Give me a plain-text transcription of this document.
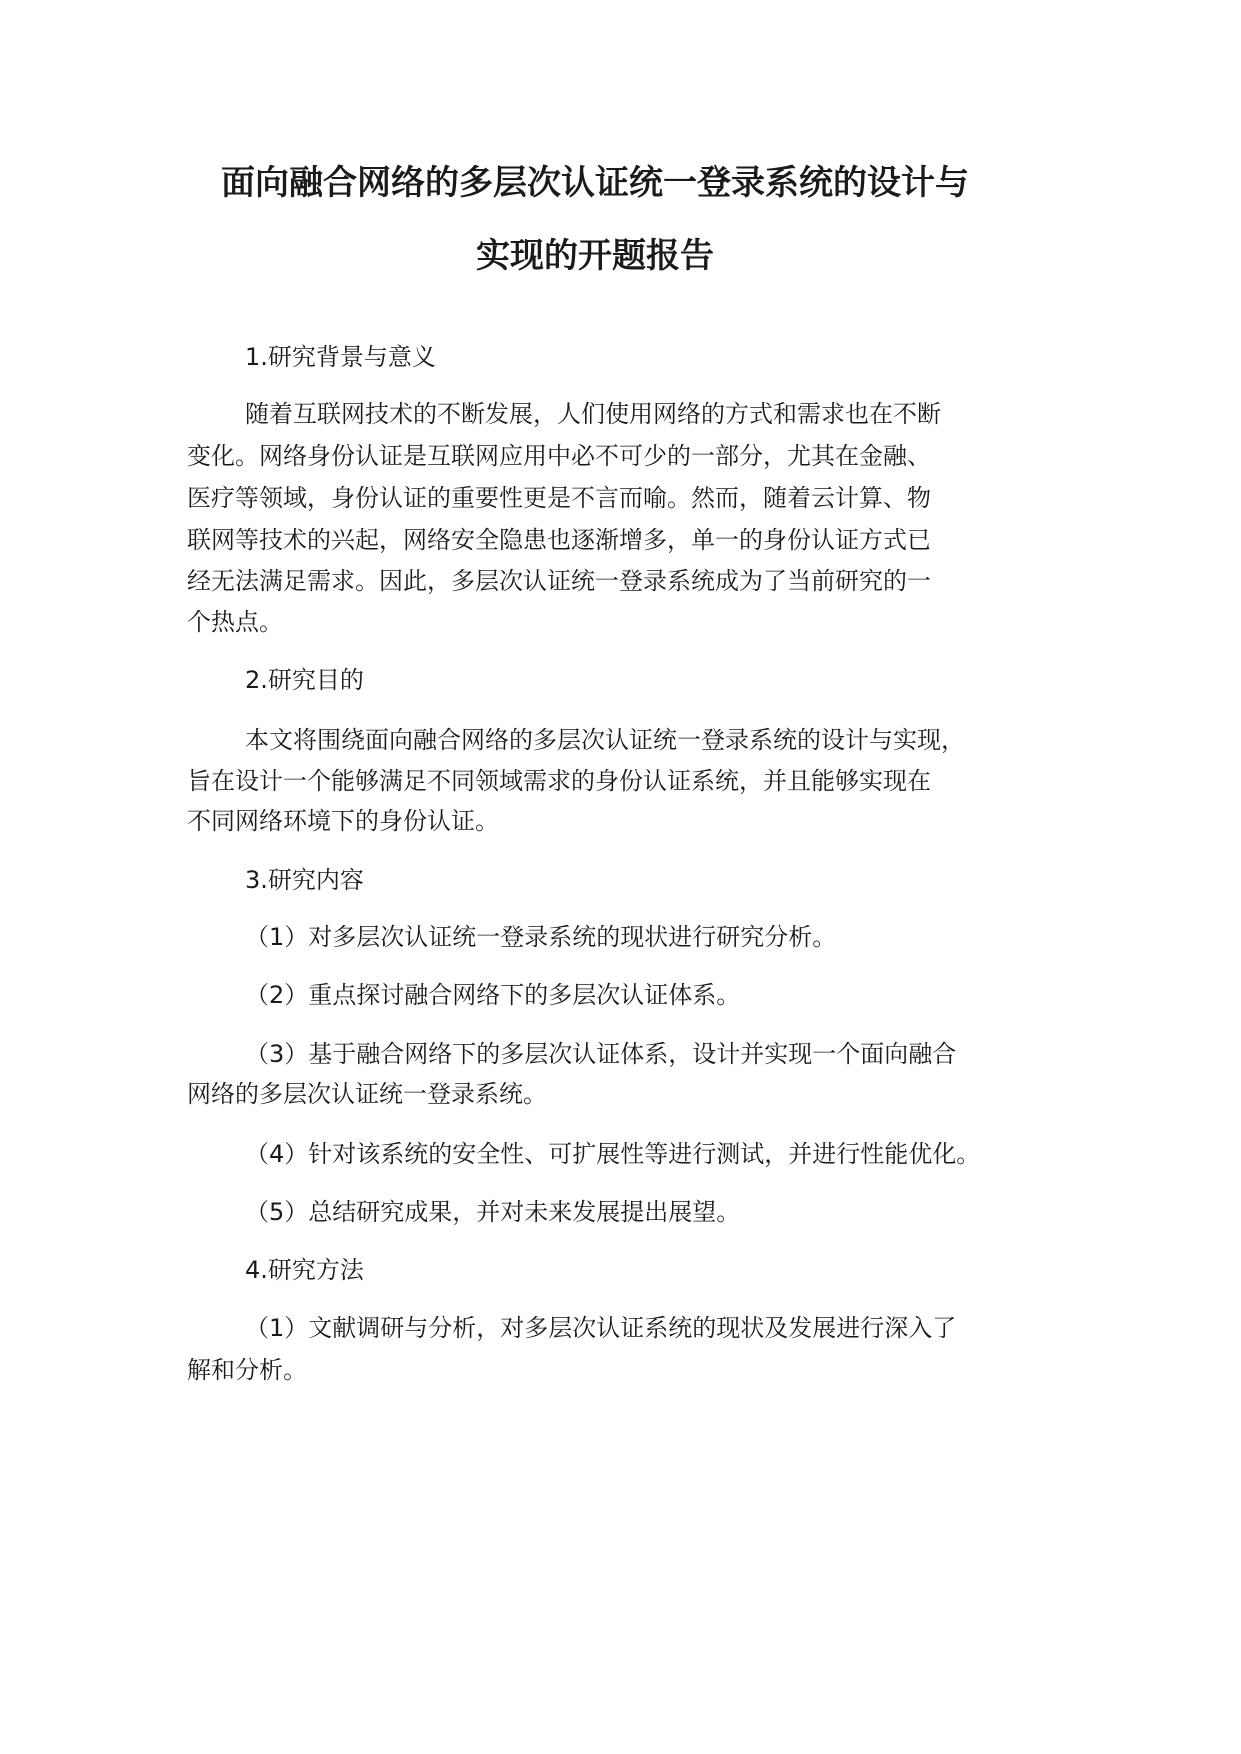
面向融合网络的多层次认证统一登录系统的设计与
实现的开题报告

1.研究背景与意义

随着互联网技术的不断发展，人们使用网络的方式和需求也在不断

变化。网络身份认证是互联网应用中必不可少的一部分，尤其在金融、

医疗等领域，身份认证的重要性更是不言而喻。然而，随着云计算、物

联网等技术的兴起，网络安全隐患也逐渐增多，单一的身份认证方式已

经无法满足需求。因此，多层次认证统一登录系统成为了当前研究的一

个热点。

2.研究目的

本文将围绕面向融合网络的多层次认证统一登录系统的设计与实现，

旨在设计一个能够满足不同领域需求的身份认证系统，并且能够实现在

不同网络环境下的身份认证。

3.研究内容

（1）对多层次认证统一登录系统的现状进行研究分析。

（2）重点探讨融合网络下的多层次认证体系。

（3）基于融合网络下的多层次认证体系，设计并实现一个面向融合

网络的多层次认证统一登录系统。

（4）针对该系统的安全性、可扩展性等进行测试，并进行性能优化。

（5）总结研究成果，并对未来发展提出展望。

4.研究方法

（1）文献调研与分析，对多层次认证系统的现状及发展进行深入了

解和分析。
